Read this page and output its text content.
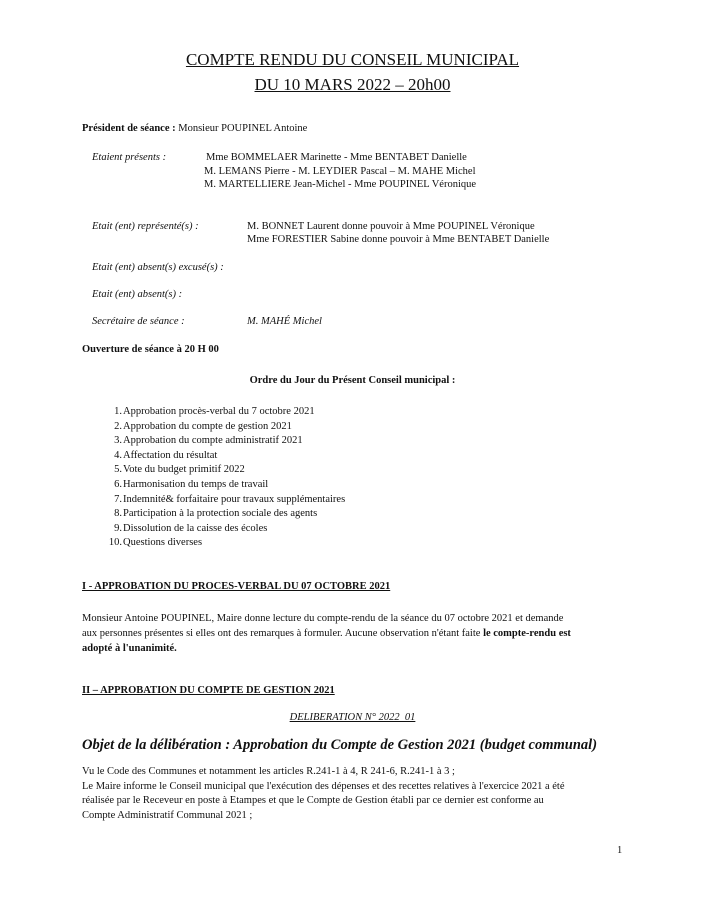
COMPTE RENDU DU CONSEIL MUNICIPAL
DU 10 MARS 2022 – 20h00
Président de séance : Monsieur POUPINEL Antoine
Etaient présents :	Mme BOMMELAER Marinette - Mme BENTABET Danielle
M. LEMANS Pierre - M. LEYDIER Pascal – M. MAHE Michel
M. MARTELLIERE Jean-Michel - Mme POUPINEL Véronique
Etait (ent) représenté(s) :	M. BONNET Laurent donne pouvoir à Mme POUPINEL Véronique
Mme FORESTIER Sabine donne pouvoir à Mme BENTABET Danielle
Etait (ent) absent(s) excusé(s) :
Etait (ent) absent(s) :
Secrétaire de séance :	M. MAHÉ Michel
Ouverture de séance à 20 H 00
Ordre du Jour du Présent Conseil municipal :
1. Approbation procès-verbal du 7 octobre 2021
2. Approbation du compte de gestion 2021
3. Approbation du compte administratif 2021
4. Affectation du résultat
5. Vote du budget primitif 2022
6. Harmonisation du temps de travail
7. Indemnité& forfaitaire pour travaux supplémentaires
8. Participation à la protection sociale des agents
9. Dissolution de la caisse des écoles
10. Questions diverses
I - APPROBATION DU PROCES-VERBAL DU 07 OCTOBRE 2021
Monsieur Antoine POUPINEL, Maire donne lecture du compte-rendu de la séance du 07 octobre 2021 et demande
aux personnes présentes si elles ont des remarques à formuler. Aucune observation n'étant faite le compte-rendu est
adopté à l'unanimité.
II – APPROBATION DU COMPTE DE GESTION 2021
DELIBERATION N° 2022_01
Objet de la délibération : Approbation du Compte de Gestion 2021 (budget communal)
Vu le Code des Communes et notamment les articles R.241-1 à 4, R 241-6, R.241-1 à 3 ;
Le Maire informe le Conseil municipal que l'exécution des dépenses et des recettes relatives à l'exercice 2021 a été
réalisée par le Receveur en poste à Etampes et que le Compte de Gestion établi par ce dernier est conforme au
Compte Administratif Communal 2021 ;
1
